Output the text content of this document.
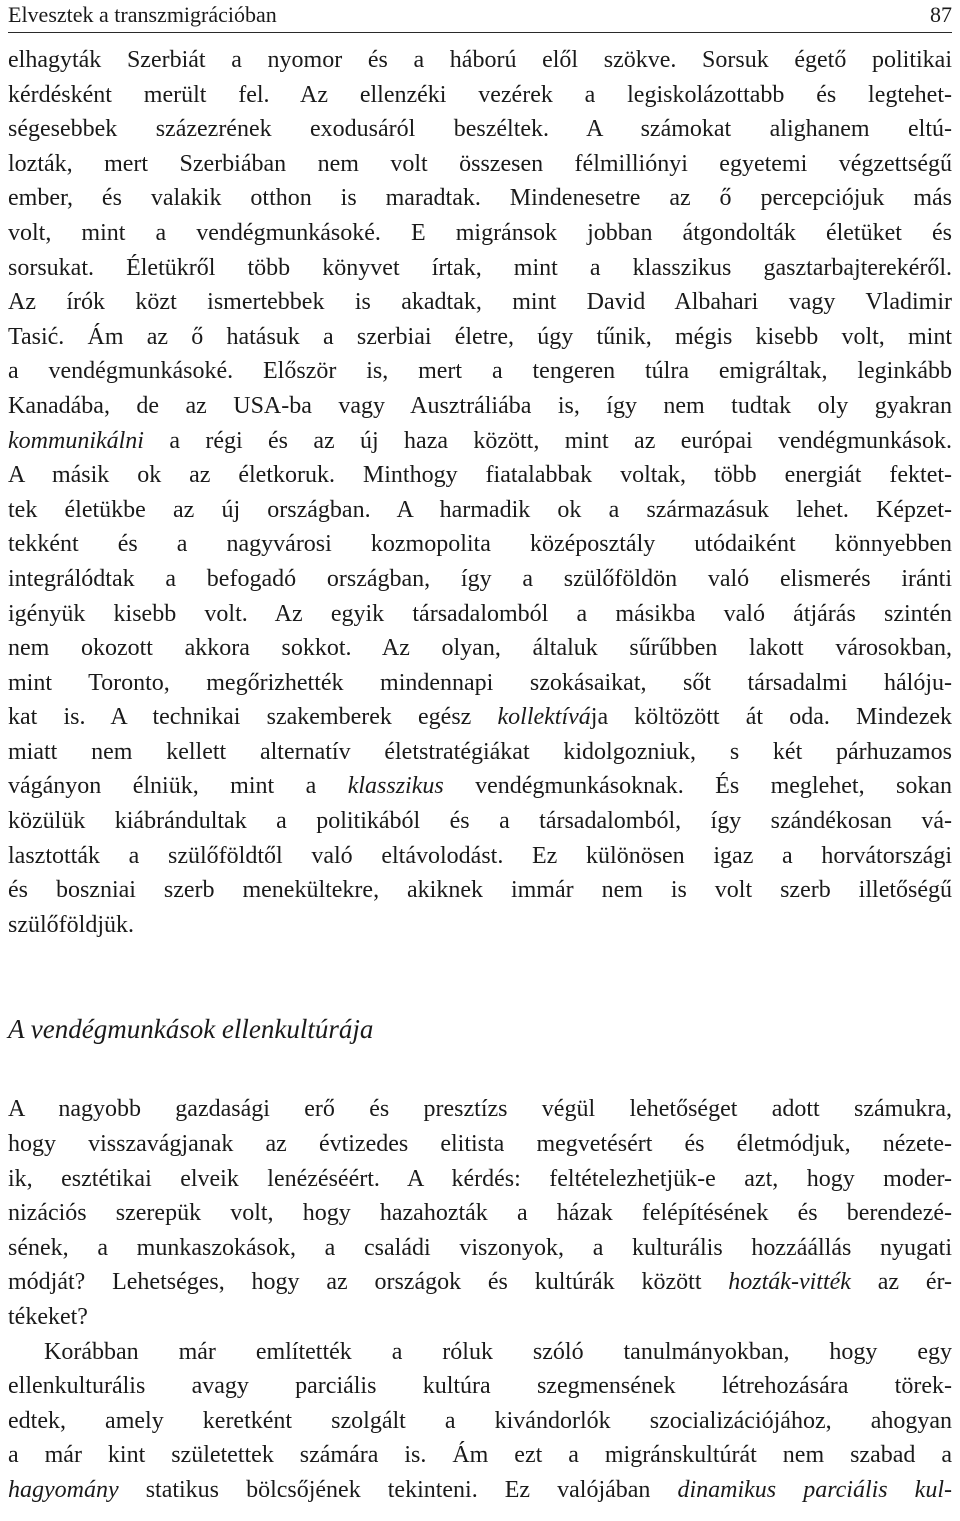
Elvesztek a transzmigrációban	87
elhagyták Szerbiát a nyomor és a háború elől szökve. Sorsuk égető politikai
kérdésként merült fel. Az ellenzéki vezérek a legiskolázottabb és legtehet-
ségesebbek százezrének exodusáról beszéltek. A számokat alighanem eltú-
lozták, mert Szerbiában nem volt összesen félmilliónyi egyetemi végzettségű
ember, és valakik otthon is maradtak. Mindenesetre az ő percepciójuk más
volt, mint a vendégmunkásoké. E migránsok jobban átgondolták életüket és
sorsukat. Életükről több könyvet írtak, mint a klasszikus gasztarbajterekéről.
Az írók közt ismertebbek is akadtak, mint David Albahari vagy Vladimir
Tasić. Ám az ő hatásuk a szerbiai életre, úgy tűnik, mégis kisebb volt, mint
a vendégmunkásoké. Először is, mert a tengeren túlra emigráltak, leginkább
Kanadába, de az USA-ba vagy Ausztráliába is, így nem tudtak oly gyakran
kommunikálni a régi és az új haza között, mint az európai vendégmunkások.
A másik ok az életkoruk. Minthogy fiatalabbak voltak, több energiát fektet-
tek életükbe az új országban. A harmadik ok a származásuk lehet. Képzet-
tekként és a nagyvárosi kozmopolita középosztály utódaiként könnyebben
integrálódtak a befogadó országban, így a szülőföldön való elismerés iránti
igényük kisebb volt. Az egyik társadalomból a másikba való átjárás szintén
nem okozott akkora sokkot. Az olyan, általuk sűrűbben lakott városokban,
mint Toronto, megőrizhették mindennapi szokásaikat, sőt társadalmi hálóju-
kat is. A technikai szakemberek egész kollektívája költözött át oda. Mindezek
miatt nem kellett alternatív életstratégiákat kidolgozniuk, s két párhuzamos
vágányon élniük, mint a klasszikus vendégmunkásoknak. És meglehet, sokan
közülük kiábrándultak a politikából és a társadalomból, így szándékosan vá-
lasztották a szülőföldtől való eltávolodást. Ez különösen igaz a horvátországi
és boszniai szerb menekültekre, akiknek immár nem is volt szerb illetőségű
szülőföldjük.
A vendégmunkások ellenkultúrája
A nagyobb gazdasági erő és presztízs végül lehetőséget adott számukra,
hogy visszavágjanak az évtizedes elitista megvetésért és életmódjuk, nézete-
ik, esztétikai elveik lenézéséért. A kérdés: feltételezhetjük-e azt, hogy moder-
nizációs szerepük volt, hogy hazahozták a házak felépítésének és berendezé-
sének, a munkaszokások, a családi viszonyok, a kulturális hozzáállás nyugati
módját? Lehetséges, hogy az országok és kultúrák között hozták-vitték az ér-
tékeket?
Korábban már említették a róluk szóló tanulmányokban, hogy egy
ellenkulturális avagy parciális kultúra szegmensének létrehozására törek-
edtek, amely keretként szolgált a kivándorlók szocializációjához, ahogyan
a már kint születettek számára is. Ám ezt a migránskultúrát nem szabad a
hagyomány statikus bölcsőjének tekinteni. Ez valójában dinamikus parciális kul-
